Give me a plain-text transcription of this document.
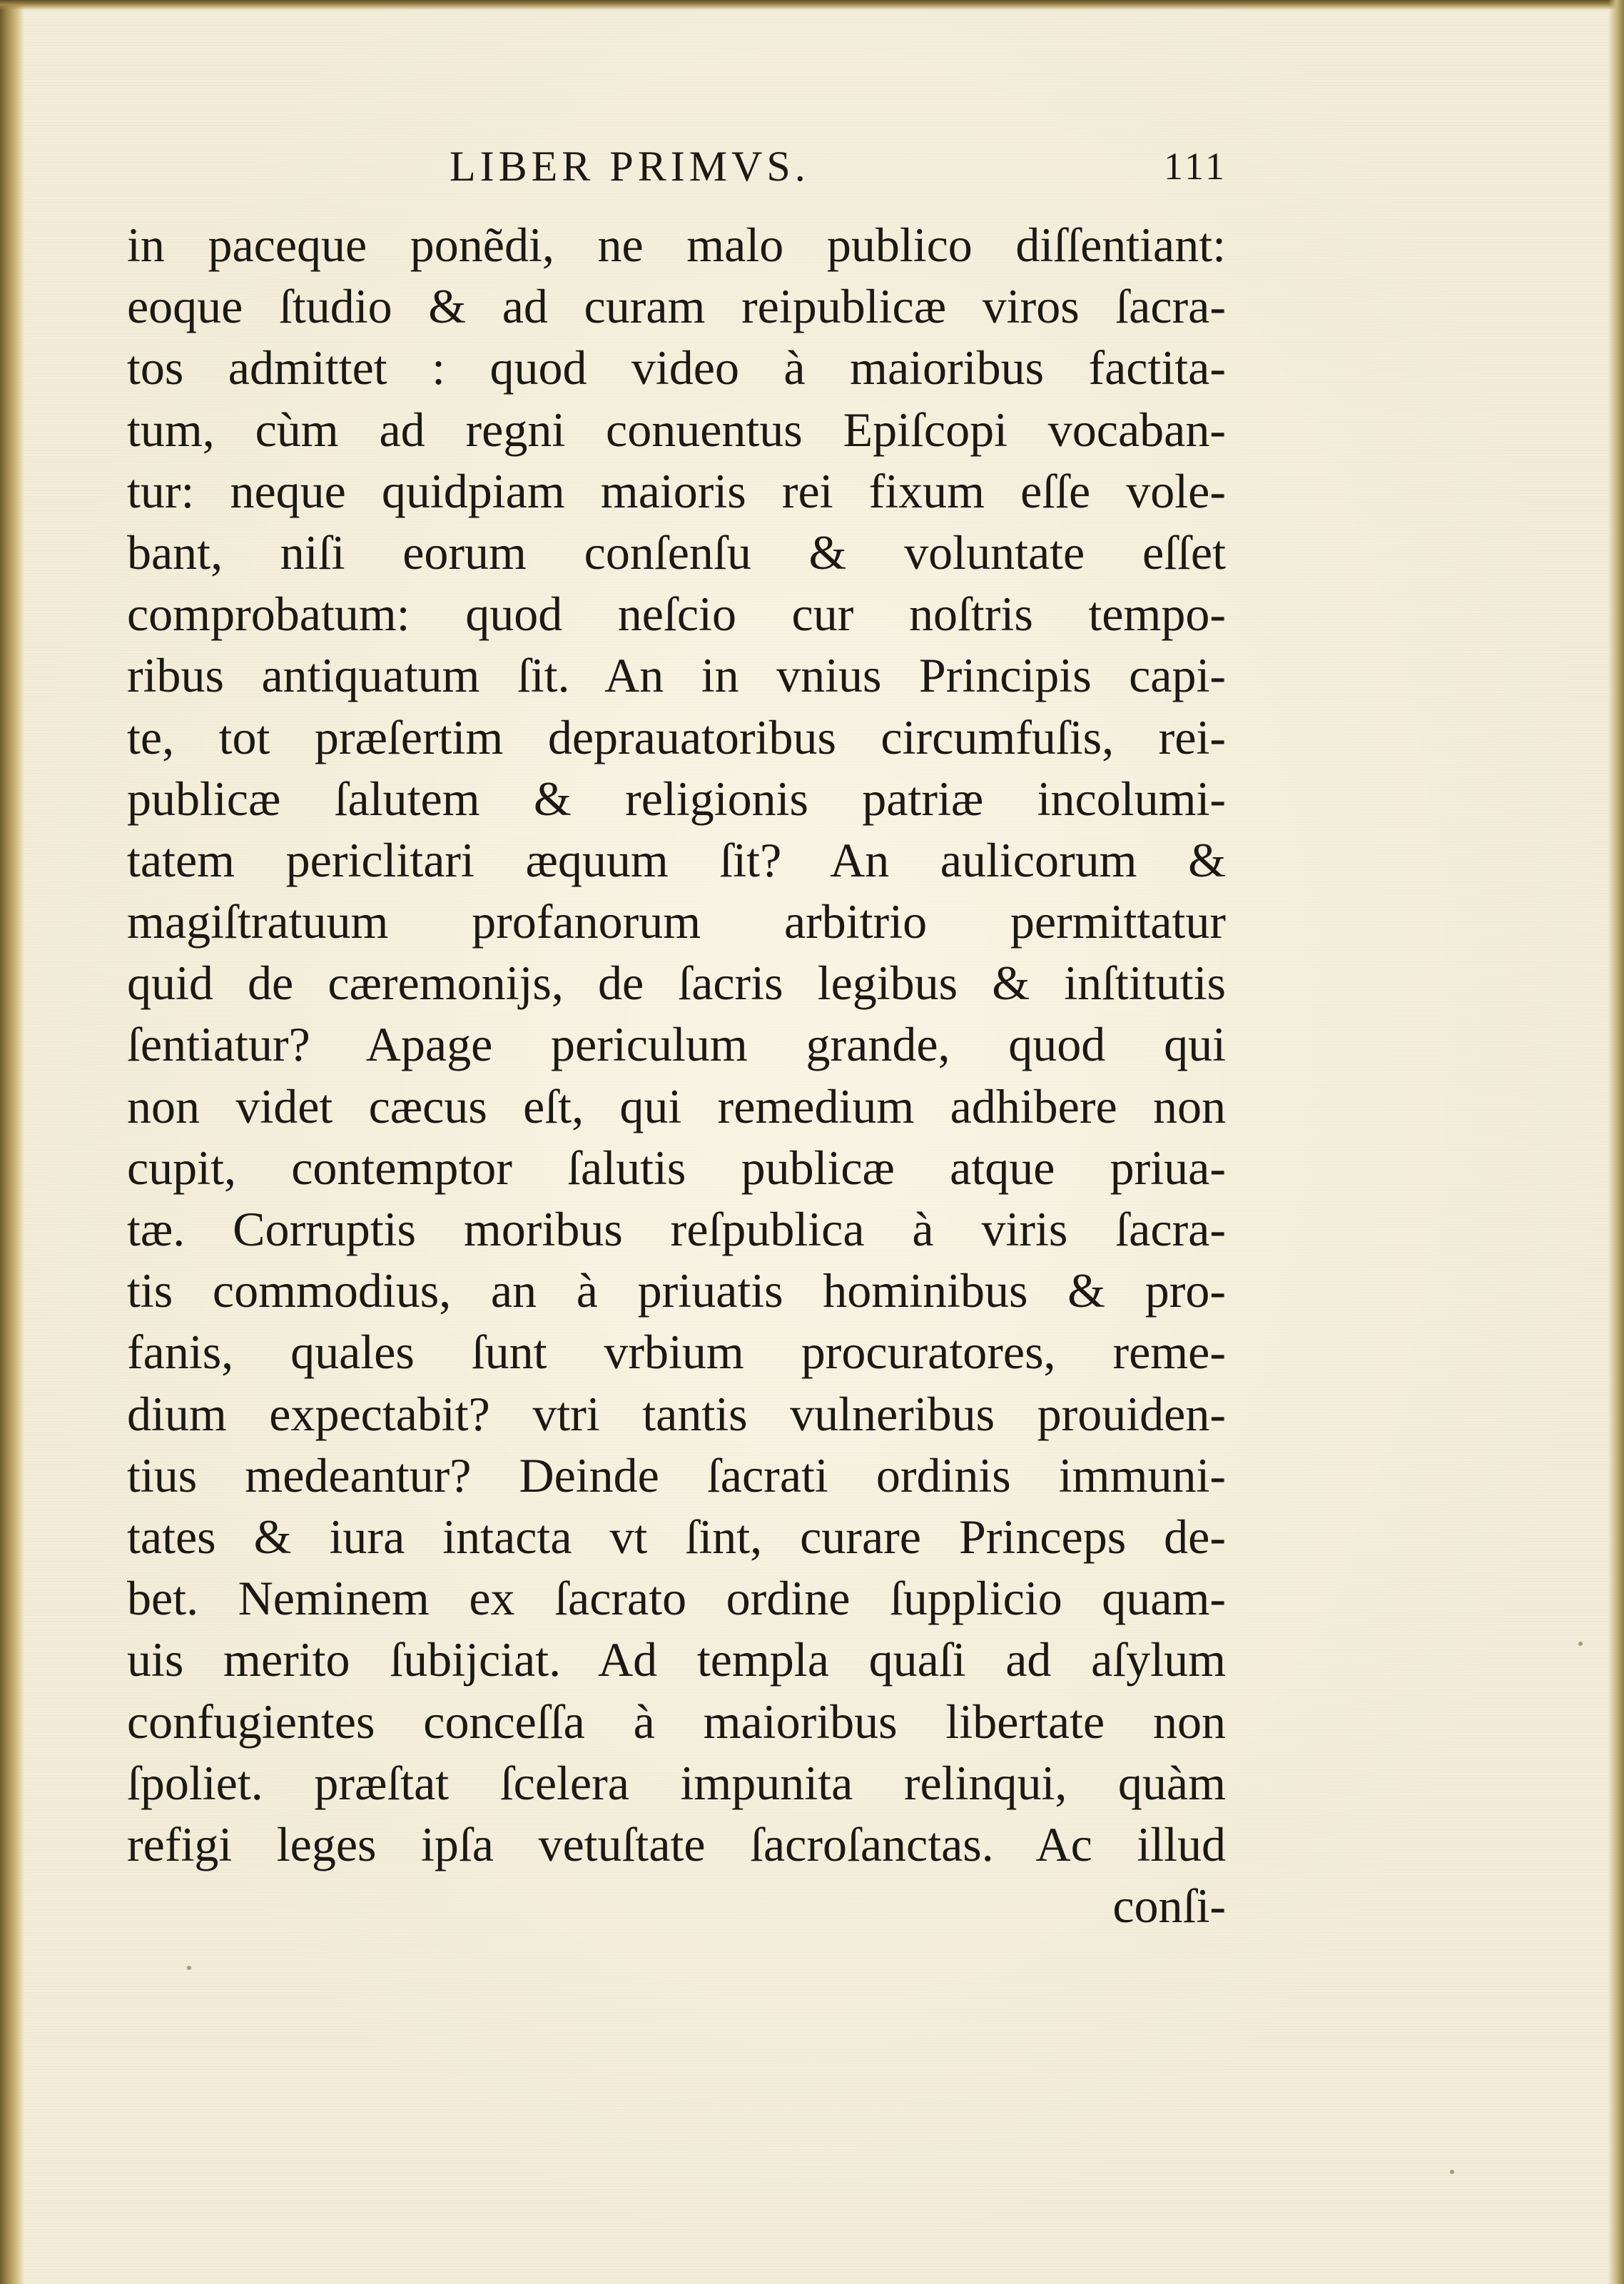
LIBER PRIMVS.	111
in paceque ponẽdi, ne malo publico diſſentiant:
eoque ſtudio & ad curam reipublicæ viros ſacra-
tos admittet : quod video à maioribus factita-
tum, cùm ad regni conuentus Epiſcopi vocaban-
tur: neque quidpiam maioris rei fixum eſſe vole-
bant, niſi eorum conſenſu & voluntate eſſet
comprobatum: quod neſcio cur noſtris tempo-
ribus antiquatum ſit. An in vnius Principis capi-
te, tot præſertim deprauatoribus circumfuſis, rei-
publicæ ſalutem & religionis patriæ incolumi-
tatem periclitari æquum ſit? An aulicorum &
magiſtratuum profanorum arbitrio permittatur
quid de cæremonijs, de ſacris legibus & inſtitutis
ſentiatur? Apage periculum grande, quod qui
non videt cæcus eſt, qui remedium adhibere non
cupit, contemptor ſalutis publicæ atque priua-
tæ. Corruptis moribus reſpublica à viris ſacra-
tis commodius, an à priuatis hominibus & pro-
fanis, quales ſunt vrbium procuratores, reme-
dium expectabit? vtri tantis vulneribus prouiden-
tius medeantur? Deinde ſacrati ordinis immuni-
tates & iura intacta vt ſint, curare Princeps de-
bet. Neminem ex ſacrato ordine ſupplicio quam-
uis merito ſubijciat. Ad templa quaſi ad aſylum
confugientes conceſſa à maioribus libertate non
ſpoliet. præſtat ſcelera impunita relinqui, quàm
refigi leges ipſa vetuſtate ſacroſanctas. Ac illud
conſi-
